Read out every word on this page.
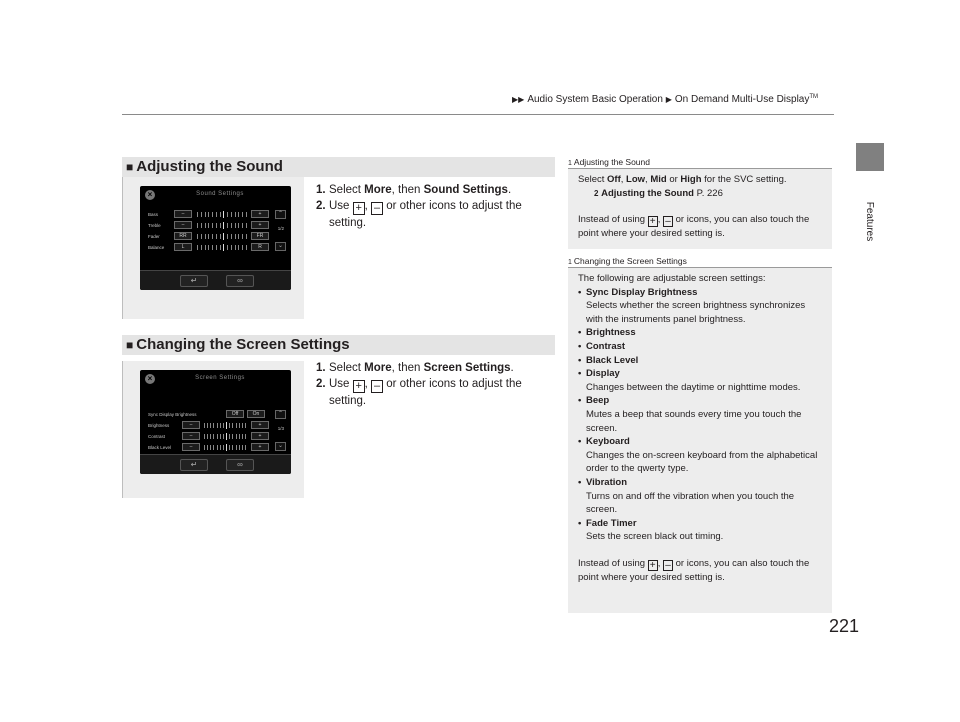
▶▶ Audio System Basic Operation ▶ On Demand Multi-Use Display™
Features
■ Adjusting the Sound
×	Sound Settings
Bass	–	+
Treble	–	+
Fader	RR	FR
Balance	L	R
⌃
1/2
⌄
↵	∞
1. Select More, then Sound Settings.
2. Use + , – or other icons to adjust the setting.
■ Changing the Screen Settings
×	Screen Settings
Sync Display Brightness	Off	On
Brightness	–	+
Contrast	–	+
Black Level	–	+
⌃
1/3
⌄
↵	∞
1. Select More, then Screen Settings.
2. Use + , – or other icons to adjust the setting.
1 Adjusting the Sound
Select Off, Low, Mid or High for the SVC setting.
2 Adjusting the Sound P. 226
Instead of using + , – or icons, you can also touch the point where your desired setting is.
1 Changing the Screen Settings
The following are adjustable screen settings:
• Sync Display Brightness
Selects whether the screen brightness synchronizes with the instruments panel brightness.
• Brightness
• Contrast
• Black Level
• Display
Changes between the daytime or nighttime modes.
• Beep
Mutes a beep that sounds every time you touch the screen.
• Keyboard
Changes the on-screen keyboard from the alphabetical order to the qwerty type.
• Vibration
Turns on and off the vibration when you touch the screen.
• Fade Timer
Sets the screen black out timing.
Instead of using + , – or icons, you can also touch the point where your desired setting is.
221
